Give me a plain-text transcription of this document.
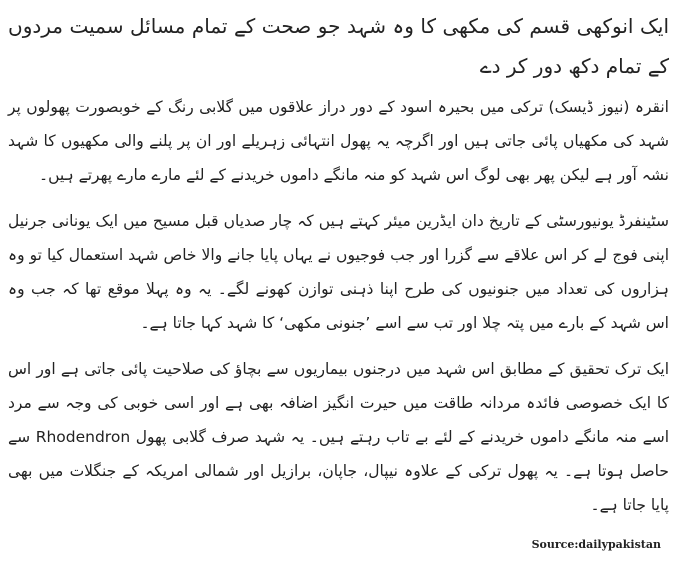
ایک انوکھی قسم کی مکھی کا وہ شہد جو صحت کے تمام مسائل سمیت مردوں کے تمام دکھ دور کر دے

انقرہ (نیوز ڈیسک) ترکی میں بحیرہ اسود کے دور دراز علاقوں میں گلابی رنگ کے خوبصورت پھولوں پر شہد کی مکھیاں پائی جاتی ہیں اور اگرچہ یہ پھول انتہائی زہریلے اور ان پر پلنے والی مکھیوں کا شہد نشہ آور ہے لیکن پھر بھی لوگ اس شہد کو منہ مانگے داموں خریدنے کے لئے مارے مارے پھرتے ہیں۔

سٹینفرڈ یونیورسٹی کے تاریخ دان ایڈرین میئر کہتے ہیں کہ چار صدیاں قبل مسیح میں ایک یونانی جرنیل اپنی فوج لے کر اس علاقے سے گزرا اور جب فوجیوں نے یہاں پایا جانے والا خاص شہد استعمال کیا تو وہ ہزاروں کی تعداد میں جنونیوں کی طرح اپنا ذہنی توازن کھونے لگے۔ یہ وہ پہلا موقع تھا کہ جب وہ اس شہد کے بارے میں پتہ چلا اور تب سے اسے ’جنونی مکھی‘ کا شہد کہا جاتا ہے۔

ایک ترک تحقیق کے مطابق اس شہد میں درجنوں بیماریوں سے بچاﺅ کی صلاحیت پائی جاتی ہے اور اس کا ایک خصوصی فائدہ مردانہ طاقت میں حیرت انگیز اضافہ بھی ہے اور اسی خوبی کی وجہ سے مرد اسے منہ مانگے داموں خریدنے کے لئے بے تاب رہتے ہیں۔ یہ شہد صرف گلابی پھول Rhodendron سے حاصل ہوتا ہے۔ یہ پھول ترکی کے علاوہ نیپال، جاپان، برازیل اور شمالی امریکہ کے جنگلات میں بھی پایا جاتا ہے۔

Source:dailypakistan
